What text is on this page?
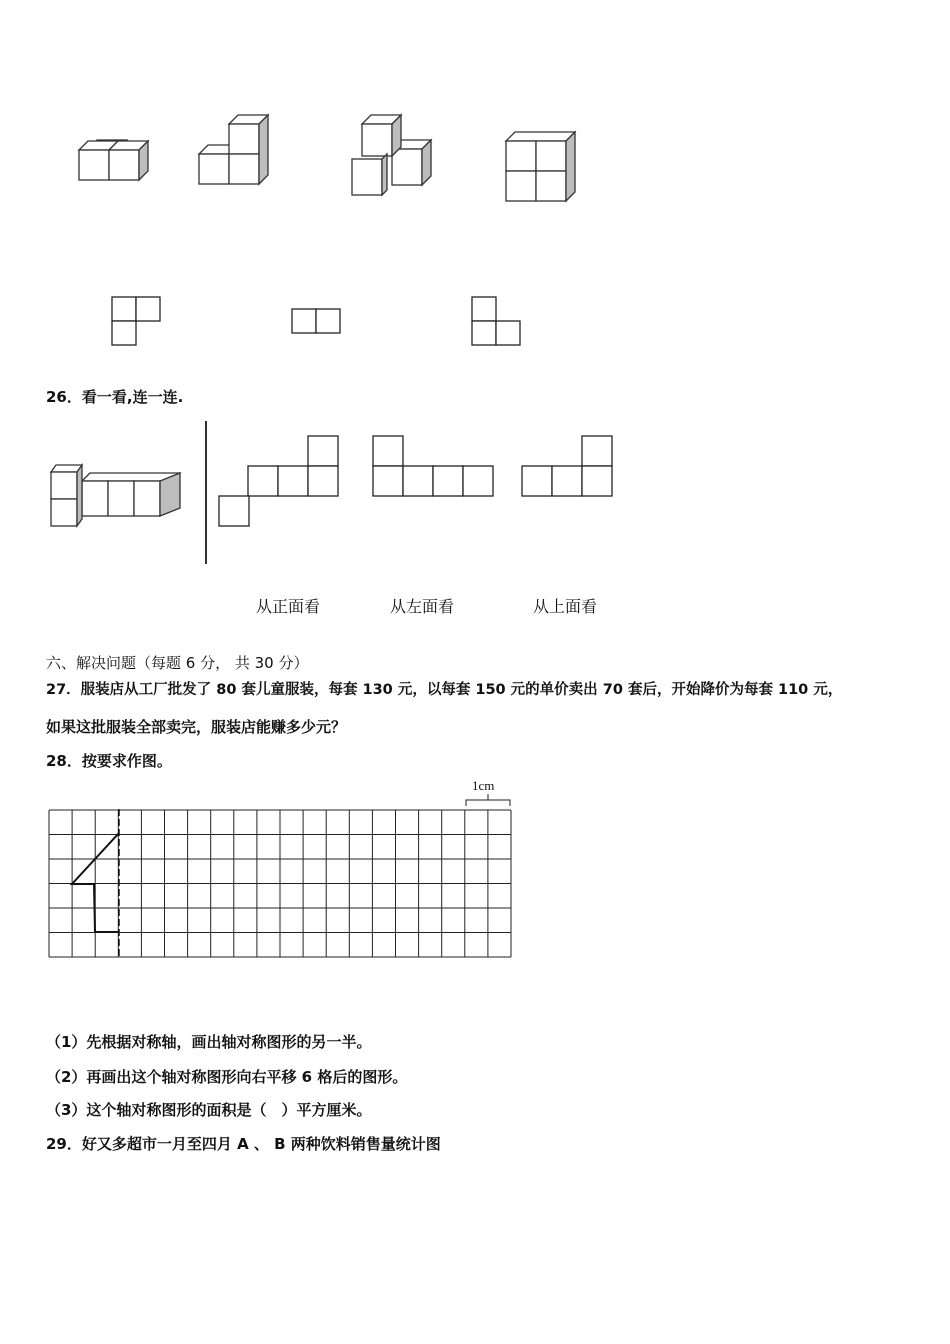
26．看一看,连一连.
从正面看	从左面看	从上面看
六、解决问题（每题 6 分， 共 30 分）
27．服装店从工厂批发了 80 套儿童服装，每套 130 元，以每套 150 元的单价卖出 70 套后，开始降价为每套 110 元，
如果这批服装全部卖完，服装店能赚多少元？
28．按要求作图。
1cm
（1）先根据对称轴，画出轴对称图形的另一半。
（2）再画出这个轴对称图形向右平移 6 格后的图形。
（3）这个轴对称图形的面积是（　）平方厘米。
29．好又多超市一月至四月 A 、 B 两种饮料销售量统计图
